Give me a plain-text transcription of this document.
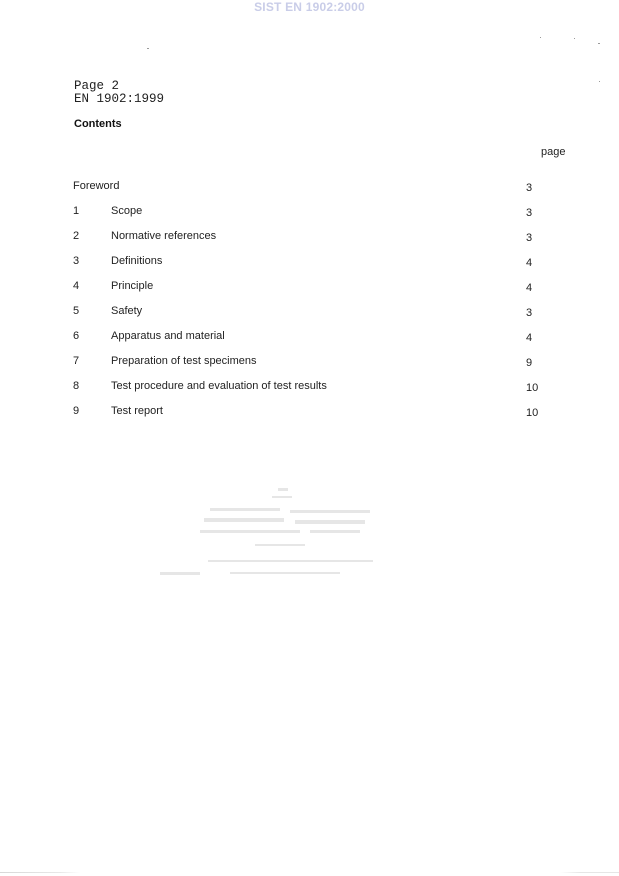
SIST EN 1902:2000
Page 2
EN 1902:1999
Contents
page
Foreword	3
1	Scope	3
2	Normative references	3
3	Definitions	4
4	Principle	4
5	Safety	3
6	Apparatus and material	4
7	Preparation of test specimens	9
8	Test procedure and evaluation of test results	10
9	Test report	10
